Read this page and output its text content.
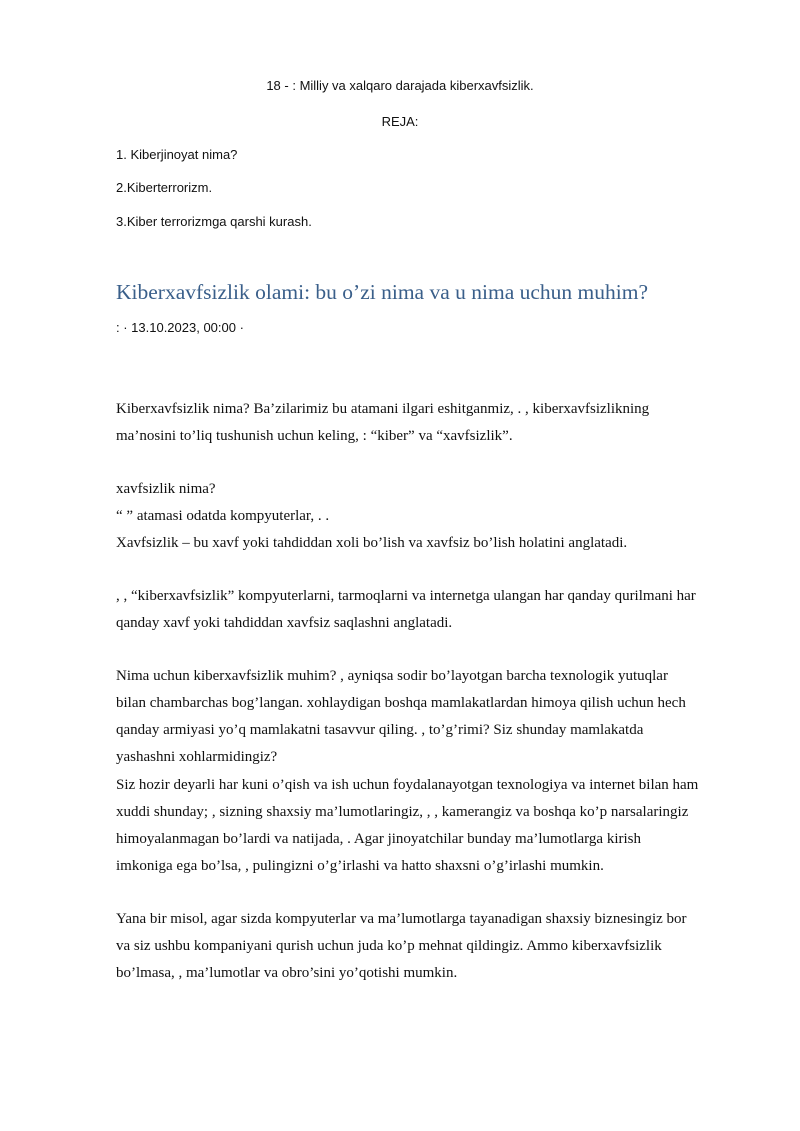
18 - : Milliy va xalqaro darajada kiberxavfsizlik.

REJA:

1. Kiberjinoyat nima?

2.Kiberterrorizm.

3.Kiber terrorizmga qarshi kurash.

Kiberxavfsizlik olami: bu o’zi nima va u nima uchun muhim?

: · 13.10.2023, 00:00 ·

Kiberxavfsizlik nima? Ba’zilarimiz bu atamani ilgari eshitganmiz, . , kiberxavfsizlikning

ma’nosini to’liq tushunish uchun keling, : “kiber” va “xavfsizlik”.

xavfsizlik nima?

“ ” atamasi odatda kompyuterlar, . .

Xavfsizlik – bu xavf yoki tahdiddan xoli bo’lish va xavfsiz bo’lish holatini anglatadi.

, , “kiberxavfsizlik” kompyuterlarni, tarmoqlarni va internetga ulangan har qanday qurilmani har

qanday xavf yoki tahdiddan xavfsiz saqlashni anglatadi.

Nima uchun kiberxavfsizlik muhim? , ayniqsa sodir bo’layotgan barcha texnologik yutuqlar

bilan chambarchas bog’langan. xohlaydigan boshqa mamlakatlardan himoya qilish uchun hech

qanday armiyasi yo’q mamlakatni tasavvur qiling. , to’g’rimi? Siz shunday mamlakatda

yashashni xohlarmidingiz?

Siz hozir deyarli har kuni o’qish va ish uchun foydalanayotgan texnologiya va internet bilan ham

xuddi shunday; , sizning shaxsiy ma’lumotlaringiz, , , kamerangiz va boshqa ko’p narsalaringiz

himoyalanmagan bo’lardi va natijada, . Agar jinoyatchilar bunday ma’lumotlarga kirish

imkoniga ega bo’lsa, , pulingizni o’g’irlashi va hatto shaxsni o’g’irlashi mumkin.

Yana bir misol, agar sizda kompyuterlar va ma’lumotlarga tayanadigan shaxsiy biznesingiz bor

va siz ushbu kompaniyani qurish uchun juda ko’p mehnat qildingiz. Ammo kiberxavfsizlik

bo’lmasa, , ma’lumotlar va obro’sini yo’qotishi mumkin.
